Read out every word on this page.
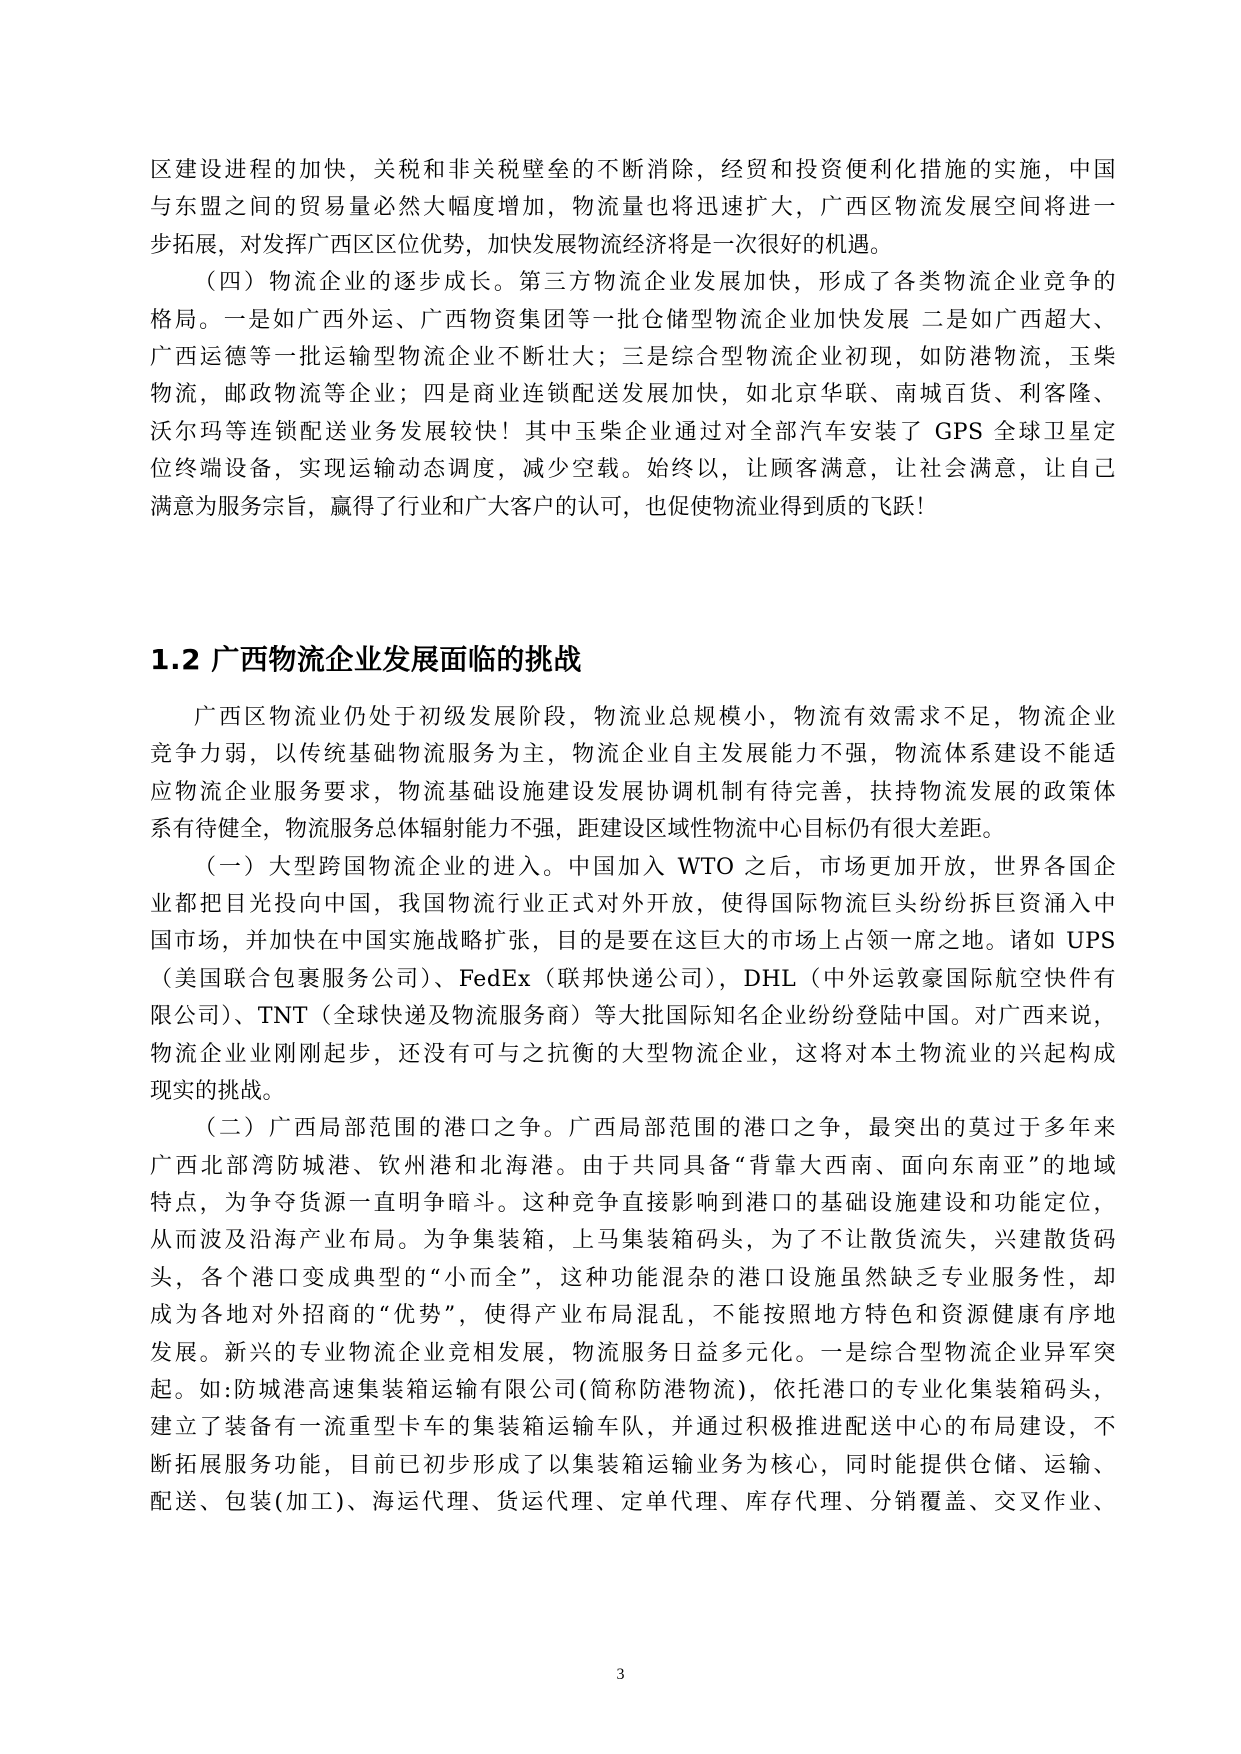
区建设进程的加快，关税和非关税壁垒的不断消除，经贸和投资便利化措施的实施，中国
与东盟之间的贸易量必然大幅度增加，物流量也将迅速扩大，广西区物流发展空间将进一
步拓展，对发挥广西区区位优势，加快发展物流经济将是一次很好的机遇。
（四）物流企业的逐步成长。第三方物流企业发展加快，形成了各类物流企业竞争的
格局。一是如广西外运、广西物资集团等一批仓储型物流企业加快发展 二是如广西超大、
广西运德等一批运输型物流企业不断壮大；三是综合型物流企业初现，如防港物流，玉柴
物流，邮政物流等企业；四是商业连锁配送发展加快，如北京华联、南城百货、利客隆、
沃尔玛等连锁配送业务发展较快！其中玉柴企业通过对全部汽车安装了 GPS 全球卫星定
位终端设备，实现运输动态调度，减少空载。始终以，让顾客满意，让社会满意，让自己
满意为服务宗旨，赢得了行业和广大客户的认可，也促使物流业得到质的飞跃！
1.2 广西物流企业发展面临的挑战
广西区物流业仍处于初级发展阶段，物流业总规模小，物流有效需求不足，物流企业
竞争力弱，以传统基础物流服务为主，物流企业自主发展能力不强，物流体系建设不能适
应物流企业服务要求，物流基础设施建设发展协调机制有待完善，扶持物流发展的政策体
系有待健全，物流服务总体辐射能力不强，距建设区域性物流中心目标仍有很大差距。
（一）大型跨国物流企业的进入。中国加入 WTO 之后，市场更加开放，世界各国企
业都把目光投向中国，我国物流行业正式对外开放，使得国际物流巨头纷纷拆巨资涌入中
国市场，并加快在中国实施战略扩张，目的是要在这巨大的市场上占领一席之地。诸如 UPS
（美国联合包裹服务公司）、FedEx（联邦快递公司），DHL（中外运敦豪国际航空快件有
限公司）、TNT（全球快递及物流服务商）等大批国际知名企业纷纷登陆中国。对广西来说，
物流企业业刚刚起步，还没有可与之抗衡的大型物流企业，这将对本土物流业的兴起构成
现实的挑战。
（二）广西局部范围的港口之争。广西局部范围的港口之争，最突出的莫过于多年来
广西北部湾防城港、钦州港和北海港。由于共同具备“背靠大西南、面向东南亚”的地域
特点，为争夺货源一直明争暗斗。这种竞争直接影响到港口的基础设施建设和功能定位，
从而波及沿海产业布局。为争集装箱，上马集装箱码头，为了不让散货流失，兴建散货码
头，各个港口变成典型的“小而全”，这种功能混杂的港口设施虽然缺乏专业服务性，却
成为各地对外招商的“优势”，使得产业布局混乱，不能按照地方特色和资源健康有序地
发展。新兴的专业物流企业竞相发展，物流服务日益多元化。一是综合型物流企业异军突
起。如:防城港高速集装箱运输有限公司(简称防港物流)，依托港口的专业化集装箱码头，
建立了装备有一流重型卡车的集装箱运输车队，并通过积极推进配送中心的布局建设，不
断拓展服务功能，目前已初步形成了以集装箱运输业务为核心，同时能提供仓储、运输、
配送、包装(加工)、海运代理、货运代理、定单代理、库存代理、分销覆盖、交叉作业、
3
